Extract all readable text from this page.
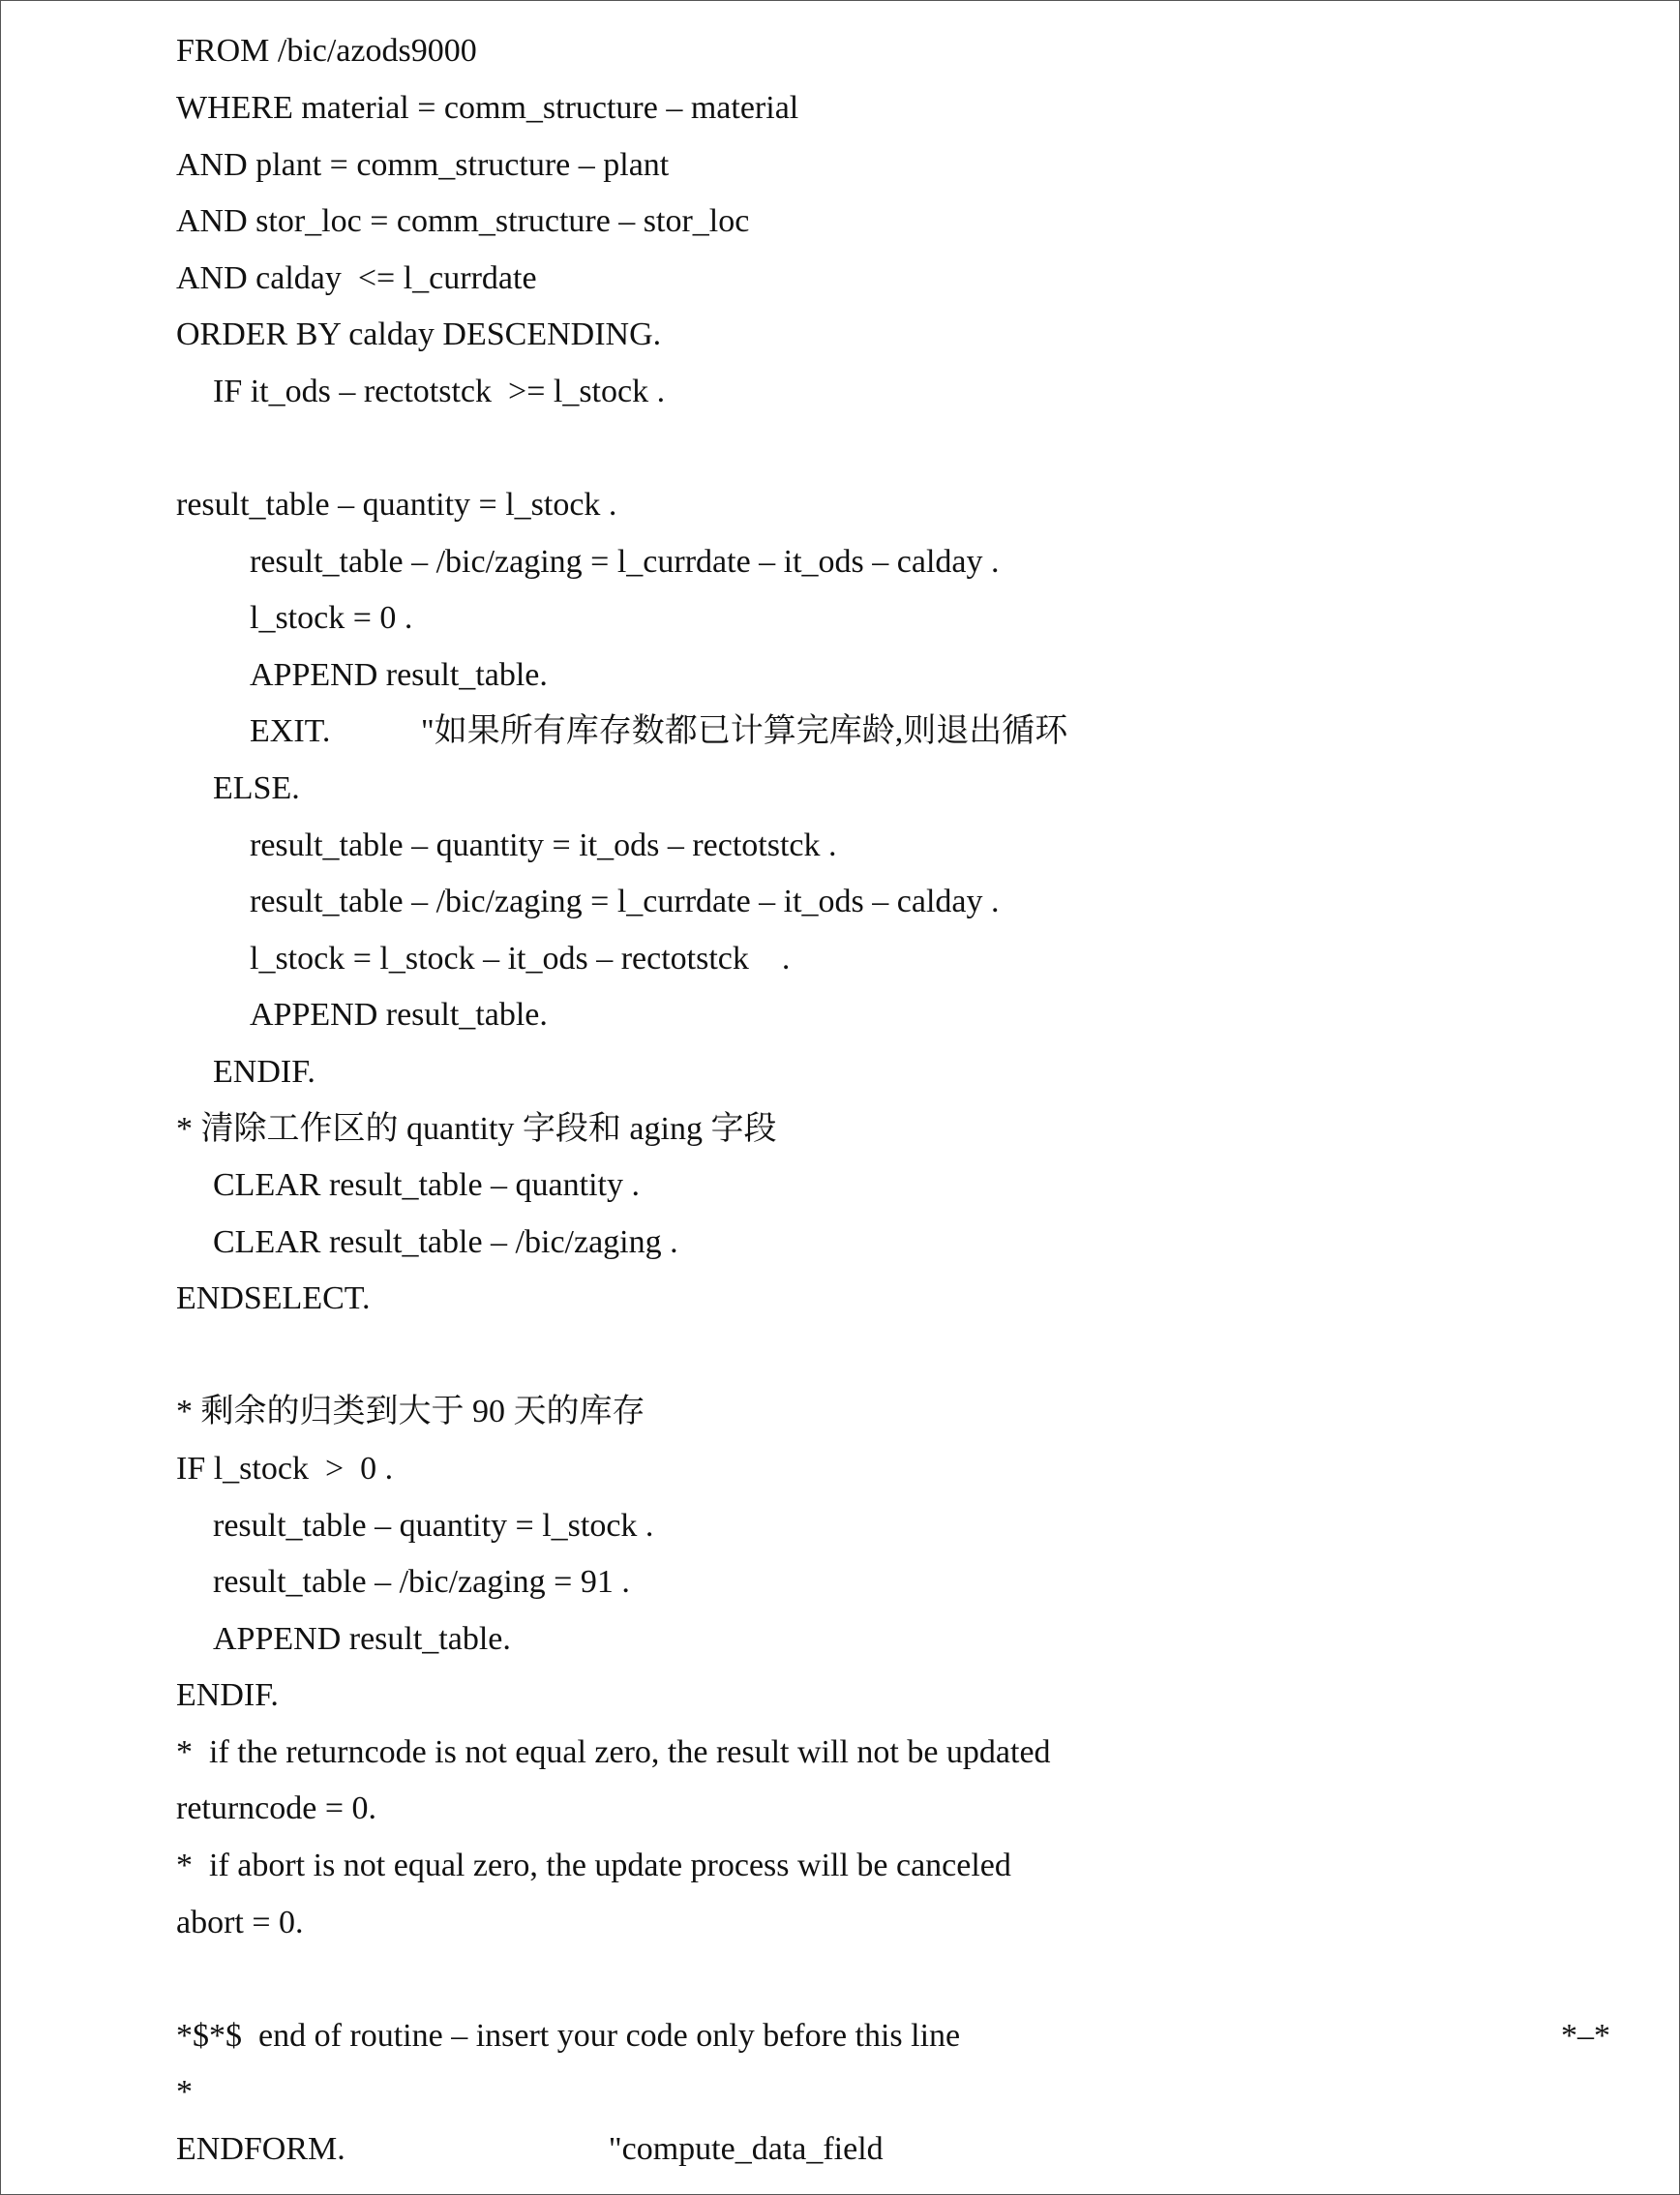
FROM /bic/azods9000
WHERE material = comm_structure – material
AND plant = comm_structure – plant
AND stor_loc = comm_structure – stor_loc
AND calday  <= l_currdate
ORDER BY calday DESCENDING.
IF it_ods – rectotstck  >= l_stock .
result_table – quantity = l_stock .
result_table – /bic/zaging = l_currdate – it_ods – calday .
l_stock = 0 .
APPEND result_table.
EXIT.           "如果所有库存数都已计算完库龄,则退出循环
ELSE.
result_table – quantity = it_ods – rectotstck .
result_table – /bic/zaging = l_currdate – it_ods – calday .
l_stock = l_stock – it_ods – rectotstck    .
APPEND result_table.
ENDIF.
* 清除工作区的 quantity 字段和 aging 字段
CLEAR result_table – quantity .
CLEAR result_table – /bic/zaging .
ENDSELECT.
* 剩余的归类到大于 90 天的库存
IF l_stock  >  0 .
result_table – quantity = l_stock .
result_table – /bic/zaging = 91 .
APPEND result_table.
ENDIF.
*  if the returncode is not equal zero, the result will not be updated
returncode = 0.
*  if abort is not equal zero, the update process will be canceled
abort = 0.
*$*$  end of routine – insert your code only before this line
*
ENDFORM.                                "compute_data_field
*–*
